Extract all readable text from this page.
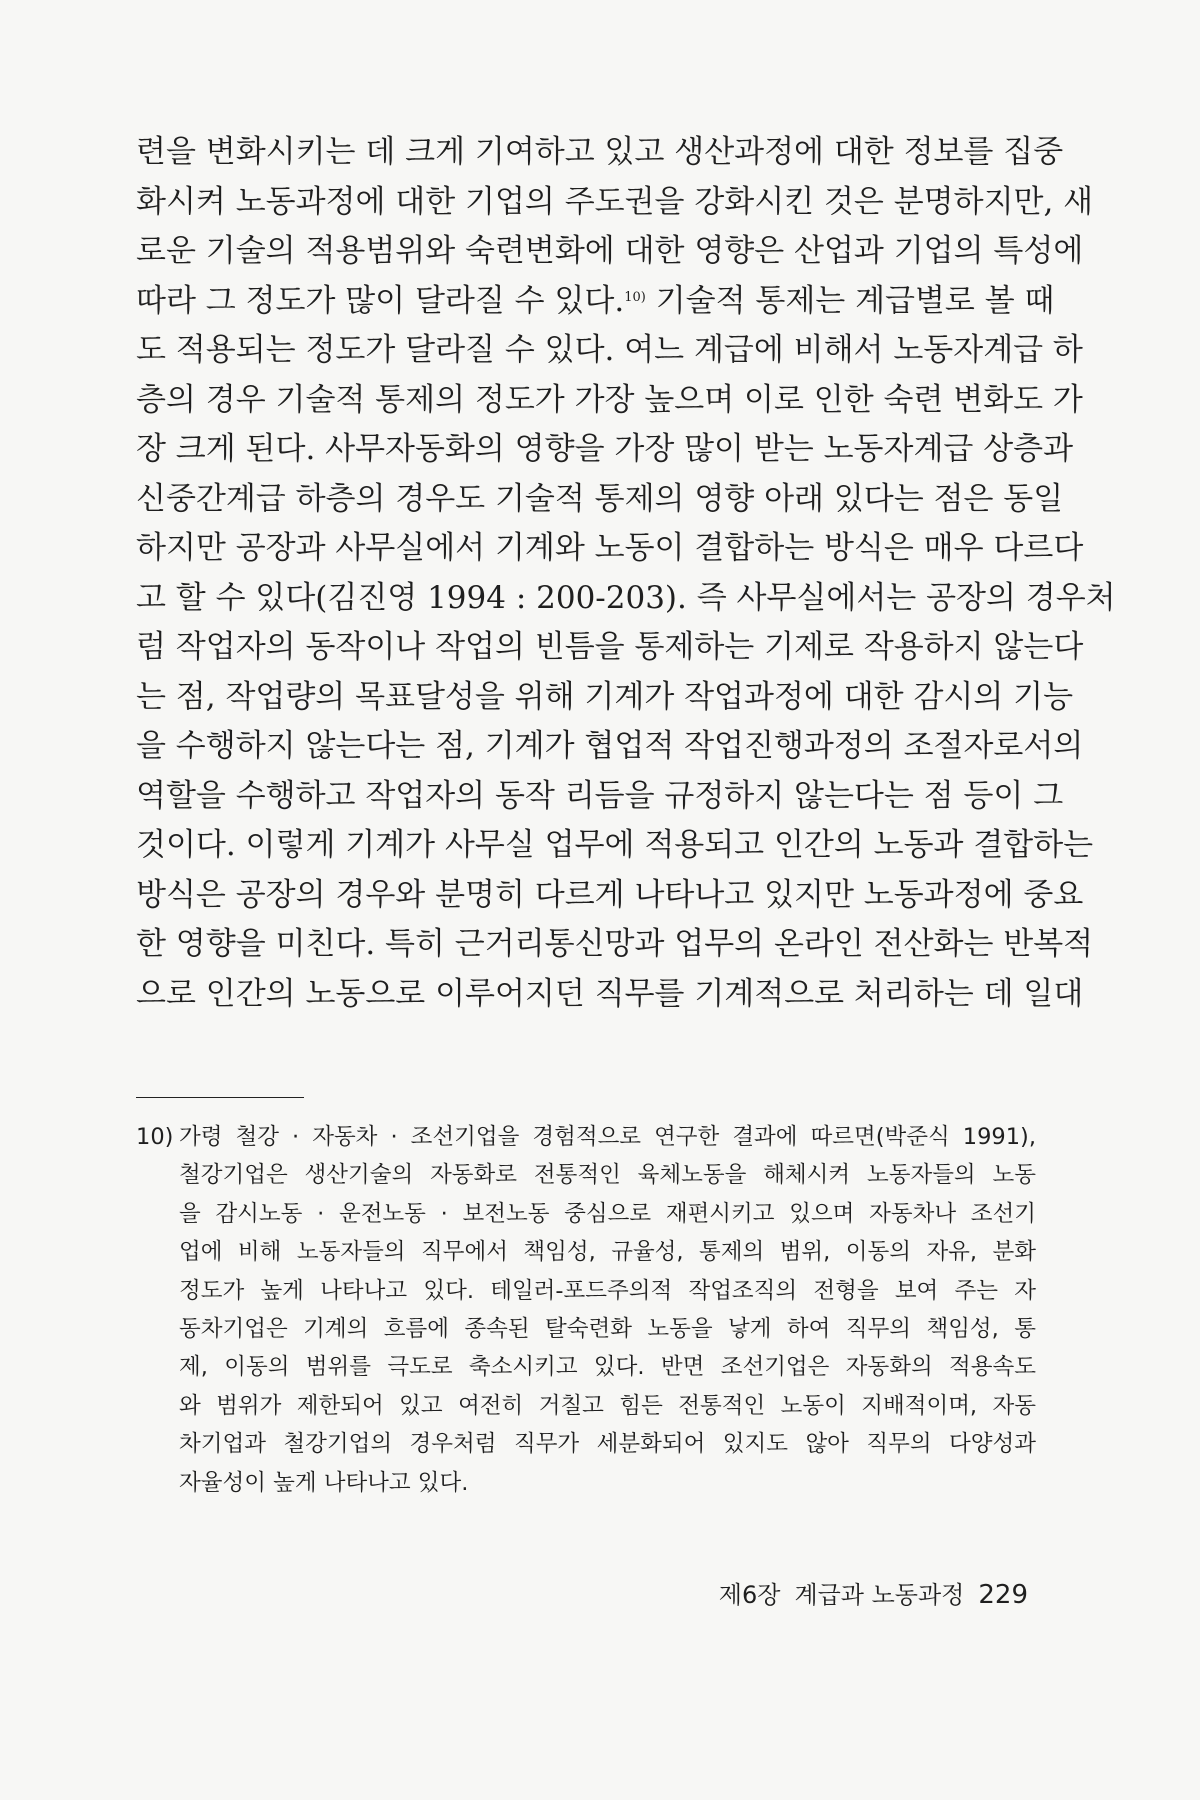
련을 변화시키는 데 크게 기여하고 있고 생산과정에 대한 정보를 집중
화시켜 노동과정에 대한 기업의 주도권을 강화시킨 것은 분명하지만, 새
로운 기술의 적용범위와 숙련변화에 대한 영향은 산업과 기업의 특성에
따라 그 정도가 많이 달라질 수 있다.$^{10)}$ 기술적 통제는 계급별로 볼 때
도 적용되는 정도가 달라질 수 있다. 여느 계급에 비해서 노동자계급 하
층의 경우 기술적 통제의 정도가 가장 높으며 이로 인한 숙련 변화도 가
장 크게 된다. 사무자동화의 영향을 가장 많이 받는 노동자계급 상층과
신중간계급 하층의 경우도 기술적 통제의 영향 아래 있다는 점은 동일
하지만 공장과 사무실에서 기계와 노동이 결합하는 방식은 매우 다르다
고 할 수 있다(김진영 1994 : 200-203). 즉 사무실에서는 공장의 경우처
럼 작업자의 동작이나 작업의 빈틈을 통제하는 기제로 작용하지 않는다
는 점, 작업량의 목표달성을 위해 기계가 작업과정에 대한 감시의 기능
을 수행하지 않는다는 점, 기계가 협업적 작업진행과정의 조절자로서의
역할을 수행하고 작업자의 동작 리듬을 규정하지 않는다는 점 등이 그
것이다. 이렇게 기계가 사무실 업무에 적용되고 인간의 노동과 결합하는
방식은 공장의 경우와 분명히 다르게 나타나고 있지만 노동과정에 중요
한 영향을 미친다. 특히 근거리통신망과 업무의 온라인 전산화는 반복적
으로 인간의 노동으로 이루어지던 직무를 기계적으로 처리하는 데 일대
10) 가령 철강 · 자동차 · 조선기업을 경험적으로 연구한 결과에 따르면(박준식 1991),
철강기업은 생산기술의 자동화로 전통적인 육체노동을 해체시켜 노동자들의 노동
을 감시노동 · 운전노동 · 보전노동 중심으로 재편시키고 있으며 자동차나 조선기
업에 비해 노동자들의 직무에서 책임성, 규율성, 통제의 범위, 이동의 자유, 분화
정도가 높게 나타나고 있다. 테일러-포드주의적 작업조직의 전형을 보여 주는 자
동차기업은 기계의 흐름에 종속된 탈숙련화 노동을 낳게 하여 직무의 책임성, 통
제, 이동의 범위를 극도로 축소시키고 있다. 반면 조선기업은 자동화의 적용속도
와 범위가 제한되어 있고 여전히 거칠고 힘든 전통적인 노동이 지배적이며, 자동
차기업과 철강기업의 경우처럼 직무가 세분화되어 있지도 않아 직무의 다양성과
자율성이 높게 나타나고 있다.
제6장 계급과 노동과정 229
